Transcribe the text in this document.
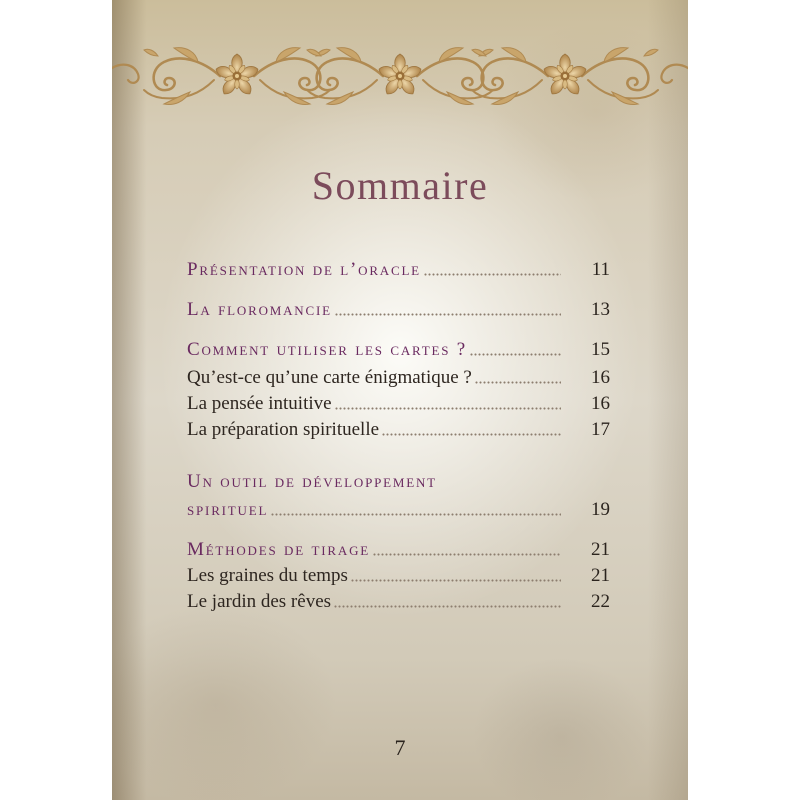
Sommaire
Présentation de l’oracle	11
La floromancie	13
Comment utiliser les cartes ?	15
Qu’est-ce qu’une carte énigmatique ?	16
La pensée intuitive	16
La préparation spirituelle	17
Un outil de développement
spirituel	19
Méthodes de tirage	21
Les graines du temps	21
Le jardin des rêves	22
7
